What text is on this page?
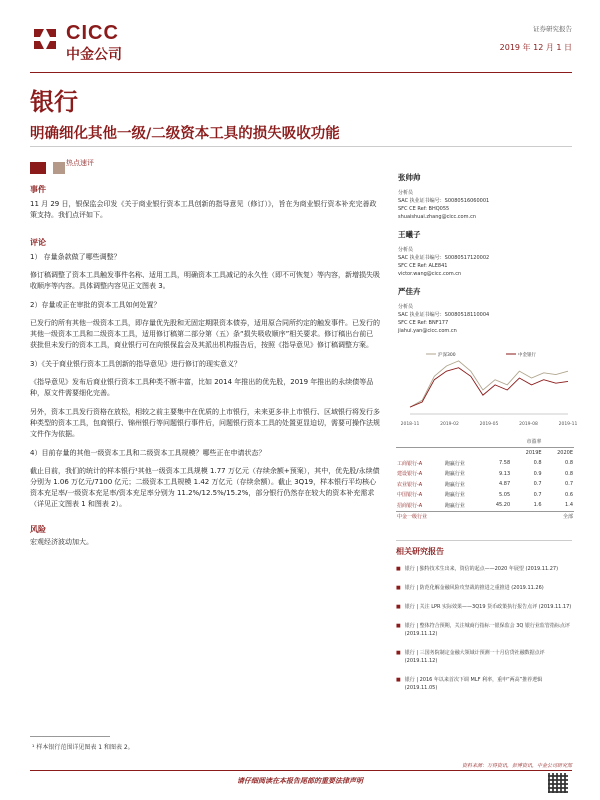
CICC
中金公司
证券研究报告
2019 年 12 月 1 日
银行
明确细化其他一级/二级资本工具的损失吸收功能

热点速评
事件
11 月 29 日，银保监会印发《关于商业银行资本工具创新的指导意见（修订）》，旨在为商业银行资本补充完善政策支持。我们点评如下。
评论
1） 存量条款做了哪些调整？
修订稿调整了资本工具触发事件名称、适用工具，明确资本工具减记的永久性（即不可恢复）等内容，新增损失吸收顺序等内容。具体调整内容见正文图表 3。
2）存量或正在审批的资本工具如何处置？
已发行的所有其他一级资本工具，即存量优先股和无固定期限资本债券，适用原合同所约定的触发事件。已发行的其他一级资本工具和二级资本工具，适用修订稿第二部分第（五）条“损失吸收顺序”相关要求。修订稿出台前已获批但未发行的资本工具，商业银行可在向银保监会及其派出机构报告后，按照《指导意见》修订稿调整方案。
3）《关于商业银行资本工具创新的指导意见》进行修订的现实意义？
《指导意见》发布后商业银行资本工具种类不断丰富，比如 2014 年推出的优先股，2019 年推出的永续债等品种，原文件需要细化完善。
另外，资本工具发行资格在放松，相较之前主要集中在优质的上市银行，未来更多非上市银行、区域银行将发行多种类型的资本工具，包商银行、锦州银行等问题银行事件后，问题银行资本工具的处置更显迫切，需要可操作法规文件作为依据。
4）目前存量的其他一级资本工具和二级资本工具规模？哪些正在申请状态？
截止目前，我们的统计的样本银行¹其他一级资本工具规模 1.77 万亿元（存续余额+预案），其中，优先股/永续债分别为 1.06 万亿元/7100 亿元；二级资本工具规模 1.42 万亿元（存续余额）。截止 3Q19，样本银行平均核心资本充足率/一级资本充足率/资本充足率分别为 11.2%/12.5%/15.2%，部分银行仍然存在较大的资本补充需求（详见正文图表 1 和图表 2）。
风险
宏观经济波动加大。
¹ 样本银行范围详见图表 1 和图表 2。
请仔细阅读在本报告尾部的重要法律声明
张帅帅
分析员
SAC 执业证书编号：S0080516060001
SFC CE Ref: BHQ055
shuaishuai.zhang@cicc.com.cn
王曦子
分析员
SAC 执业证书编号：S0080517120002
SFC CE Ref: ALE841
victor.wang@cicc.com.cn
严佳卉
分析员
SAC 执业证书编号：S0080518110004
SFC CE Ref: BNF177
jiahui.yan@cicc.com.cn
2018-11	2019-02	2019-05	2019-08	2019-11
沪深300	中金银行
			市盈率	
			2019E	2020E
工商银行-A	跑赢行业	7.58	0.8	0.8
建设银行-A	跑赢行业	9.13	0.9	0.8
农业银行-A	跑赢行业	4.87	0.7	0.7
中国银行-A	跑赢行业	5.05	0.7	0.6
招商银行-A	跑赢行业	45.20	1.6	1.4
中金一级行业		全部		
相关研究报告
■ 银行 | 独特技术生出来，资信的起点——2020 年展望 (2019.11.27)
■ 银行 | 防范化解金融风险攻坚战的推进之重推进 (2019.11.26)
■ 银行 | 关注 LPR 实际效果——3Q19 货币政策执行报告点评 (2019.11.17)
■ 银行 | 整体符合预期，关注城商行指标一银保监会 3Q 银行业监管指标点评 (2019.11.12)
■ 银行 | 三国务院制定金融大领域计预测一十月信贷社融数据点评 (2019.11.12)
■ 银行 | 2016 年以来首次下调 MLF 利率，重申“两高”推荐逻辑 (2019.11.05)
资料来源：万得资讯，彭博资讯，中金公司研究部
